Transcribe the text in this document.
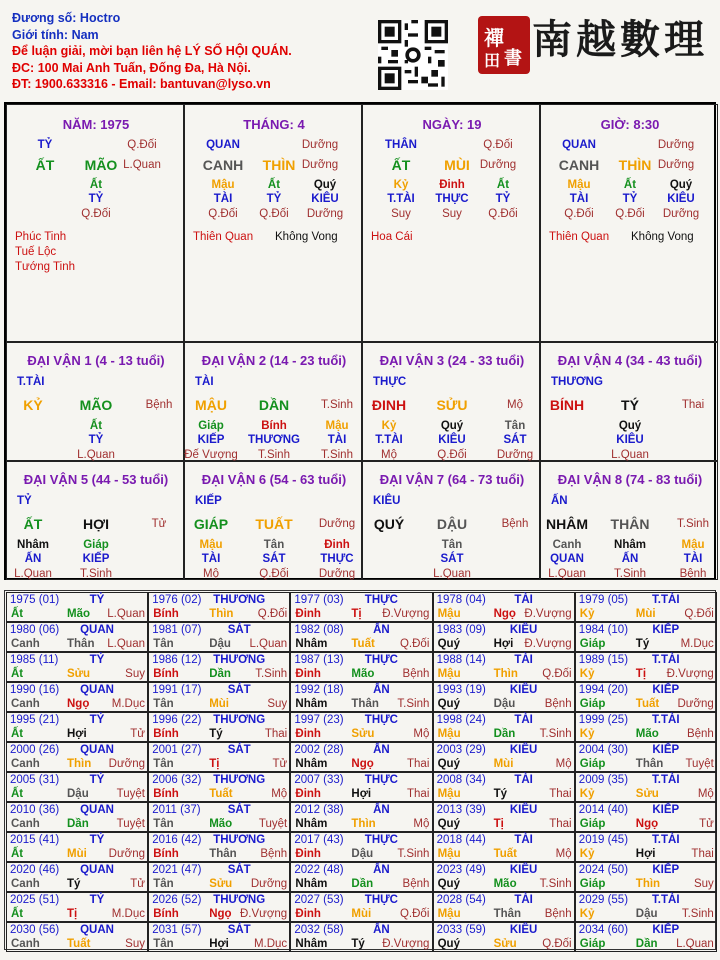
Đương số: Hoctro
Giới tính: Nam
Để luận giải, mời bạn liên hệ LÝ SỐ HỘI QUÁN.
ĐC: 100 Mai Anh Tuấn, Đống Đa, Hà Nội.
ĐT: 1900.633316 - Email: bantuvan@lyso.vn
禪
書
田 南越數理
NĂM: 1975
TỶ	Q.Đối
ẤT MÃO L.Quan
Ất
TỶ
Q.Đối
Phúc Tinh
Tuế Lộc
Tướng Tinh
THÁNG: 4
QUAN	Dưỡng
CANH THÌN Dưỡng
Mậu
TÀI
Q.Đối
Ất
TỶ
Q.Đối
Quý
KIÊU
Dưỡng
Thiên Quan Không Vong
NGÀY: 19
THÂN	Q.Đối
ẤT MÙI Dưỡng
Kỷ
T.TÀI
Suy
Đinh
THỰC
Suy
Ất
TỶ
Q.Đối
Hoa Cái
GIỜ: 8:30
QUAN	Dưỡng
CANH THÌN Dưỡng
Mậu
TÀI
Q.Đối
Ất
TỶ
Q.Đối
Quý
KIÊU
Dưỡng
Thiên Quan Không Vong
ĐẠI VẬN 1 (4 - 13 tuổi)
T.TÀI
KỶ	MÃO	Bệnh
Ất
TỶ
L.Quan
ĐẠI VẬN 2 (14 - 23 tuổi)
TÀI
MẬU DẦN	T.Sinh
Giáp
KIẾP
Đế Vượng
Bính
THƯƠNG
T.Sinh
Mậu
TÀI
T.Sinh
ĐẠI VẬN 3 (24 - 33 tuổi)
THỰC
ĐINH SỬU	Mộ
Kỷ
T.TÀI
Mộ
Quý
KIÊU
Q.Đối
Tân
SÁT
Dưỡng
ĐẠI VẬN 4 (34 - 43 tuổi)
THƯƠNG
BÍNH	TÝ	Thai
Quý
KIÊU
L.Quan
ĐẠI VẬN 5 (44 - 53 tuổi)
TỶ
ẤT	HỢI	Tử
Nhâm
ẤN
L.Quan
Giáp
KIẾP
T.Sinh
ĐẠI VẬN 6 (54 - 63 tuổi)
KIẾP
GIÁP TUẤT Dưỡng
Mậu
TÀI
Mộ
Tân
SÁT
Q.Đối
Đinh
THỰC
Dưỡng
ĐẠI VẬN 7 (64 - 73 tuổi)
KIÊU
QUÝ DẬU	Bệnh
Tân
SÁT
L.Quan
ĐẠI VẬN 8 (74 - 83 tuổi)
ẤN
NHÂM THÂN T.Sinh
Canh
QUAN
L.Quan
Nhâm
ẤN
T.Sinh
Mậu
TÀI
Bệnh
1975 (01)	TỶ
Ất	Mão L.Quan
1976 (02) THƯƠNG
Bính	Thìn Q.Đối
1977 (03) THỰC
Đinh	Tị Đ.Vượng
1978 (04) TÀI
Mậu	Ngọ Đ.Vượng
1979 (05) T.TÀI
Kỷ	Mùi	Q.Đối
1980 (06) QUAN
Canh Thân L.Quan
1981 (07) SÁT
Tân	Dậu L.Quan
1982 (08)	ẤN
Nhâm Tuất Q.Đối
1983 (09) KIÊU
Quý	Hợi Đ.Vượng
1984 (10) KIẾP
Giáp	Tý	M.Dục
1985 (11)	TỶ
Ất	Sửu	Suy
1986 (12) THƯƠNG
Bính	Dần T.Sinh
1987 (13) THỰC
Đinh	Mão Bệnh
1988 (14) TÀI
Mậu	Thìn Q.Đối
1989 (15) T.TÀI
Kỷ	Tị Đ.Vượng
1990 (16) QUAN
Canh Ngọ M.Dục
1991 (17) SÁT
Tân	Mùi	Suy
1992 (18)	ẤN
Nhâm Thân T.Sinh
1993 (19) KIÊU
Quý	Dậu	Bệnh
1994 (20) KIẾP
Giáp	Tuất Dưỡng
1995 (21)	TỶ
Ất	Hợi	Tử
1996 (22) THƯƠNG
Bính	Tý	Thai
1997 (23) THỰC
Đinh	Sửu	Mộ
1998 (24) TÀI
Mậu	Dần T.Sinh
1999 (25) T.TÀI
Kỷ	Mão Bệnh
2000 (26) QUAN
Canh Thìn Dưỡng
2001 (27) SÁT
Tân	Tị	Tử
2002 (28)	ẤN
Nhâm Ngọ	Thai
2003 (29) KIÊU
Quý	Mùi	Mộ
2004 (30) KIẾP
Giáp	Thân Tuyệt
2005 (31)	TỶ
Ất	Dậu Tuyệt
2006 (32) THƯƠNG
Bính	Tuất	Mộ
2007 (33) THỰC
Đinh	Hợi	Thai
2008 (34) TÀI
Mậu	Tý	Thai
2009 (35) T.TÀI
Kỷ	Sửu	Mộ
2010 (36) QUAN
Canh Dần Tuyệt
2011 (37) SÁT
Tân	Mão Tuyệt
2012 (38)	ẤN
Nhâm Thìn	Mộ
2013 (39) KIÊU
Quý	Tị	Thai
2014 (40) KIẾP
Giáp	Ngọ	Tử
2015 (41)	TỶ
Ất	Mùi Dưỡng
2016 (42) THƯƠNG
Bính	Thân Bệnh
2017 (43) THỰC
Đinh	Dậu T.Sinh
2018 (44) TÀI
Mậu	Tuất	Mộ
2019 (45) T.TÀI
Kỷ	Hợi	Thai
2020 (46) QUAN
Canh Tý	Tử
2021 (47) SÁT
Tân	Sửu Dưỡng
2022 (48)	ẤN
Nhâm Dần	Bệnh
2023 (49) KIÊU
Quý	Mão T.Sinh
2024 (50) KIẾP
Giáp	Thìn	Suy
2025 (51)	TỶ
Ất	Tị	M.Dục
2026 (52) THƯƠNG
Bính	Ngọ Đ.Vượng
2027 (53) THỰC
Đinh	Mùi	Q.Đối
2028 (54) TÀI
Mậu	Thân Bệnh
2029 (55) T.TÀI
Kỷ	Dậu T.Sinh
2030 (56) QUAN
Canh Tuất	Suy
2031 (57) SÁT
Tân	Hợi M.Dục
2032 (58)	ẤN
Nhâm Tý Đ.Vượng
2033 (59) KIÊU
Quý	Sửu Q.Đối
2034 (60) KIẾP
Giáp	Dần L.Quan
